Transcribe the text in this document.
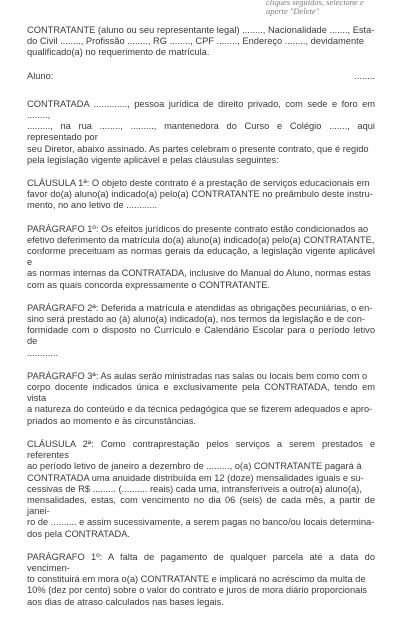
cliques seguidos, selecione e
aperte "Delete"

CONTRATANTE (aluno ou seu representante legal) ........, Nacionalidade ......., Esta-
do Civil ........, Profissão ........, RG ........, CPF ........, Endereço ........, devidamente
qualificado(a) no requerimento de matrícula.

Aluno:	........

CONTRATADA ............., pessoa jurídica de direito privado, com sede e foro em ........,
........., na rua ........, ........., mantenedora do Curso e Colégio ......., aqui representado por
seu Diretor, abaixo assinado. As partes celebram o presente contrato, que é regido
pela legislação vigente aplicável e pelas cláusulas seguintes:

CLÁUSULA 1ª: O objeto deste contrato é a prestação de serviços educacionais em
favor do(a) aluno(a) indicado(a) pelo(a) CONTRATANTE no preâmbulo deste instru-
mento, no ano letivo de ............

PARÁGRAFO 1º: Os efeitos jurídicos do presente contrato estão condicionados ao
efetivo deferimento da matrícula do(a) aluno(a) indicado(a) pelo(a) CONTRATANTE,
conforme preceituam as normas gerais da educação, a legislação vigente aplicável e
as normas internas da CONTRATADA, inclusive do Manual do Aluno, normas estas
com as quais concorda expressamente o CONTRATANTE.

PARÁGRAFO 2ª: Deferida a matrícula e atendidas as obrigações pecuniárias, o en-
sino será prestado ao (à) aluno(a) indicado(a), nos termos da legislação e de con-
formidade com o disposto no Currículo e Calendário Escolar para o período letivo de
............

PARÁGRAFO 3ª: As aulas serão ministradas nas salas ou locais bem como com o
corpo docente indicados única e exclusivamente pela CONTRATADA, tendo em vista
a natureza do conteúdo e da técnica pedagógica que se fizerem adequados e apro-
priados ao momento e às circunstâncias.

CLÁUSULA 2ª: Como contraprestação pelos serviços a serem prestados e referentes
ao período letivo de janeiro a dezembro de ........., o(a) CONTRATANTE pagará à
CONTRATADA uma anuidade distribuída em 12 (doze) mensalidades iguais e su-
cessivas de R$ ......... (.......... reais) cada uma, intransferíveis a outro(a) aluno(a),
mensalidades, estas, com vencimento no dia 06 (seis) de cada mês, a partir de janei-
ro de .......... e assim sucessivamente, a serem pagas no banco/ou locais determina-
dos pela CONTRATADA.

PARÁGRAFO 1º: A falta de pagamento de qualquer parcela até a data do vencimen-
to constituirá em mora o(a) CONTRATANTE e implicará no acréscimo da multa de
10% (dez por cento) sobre o valor do contrato e juros de mora diário proporcionais
aos dias de atraso calculados nas bases legais.
